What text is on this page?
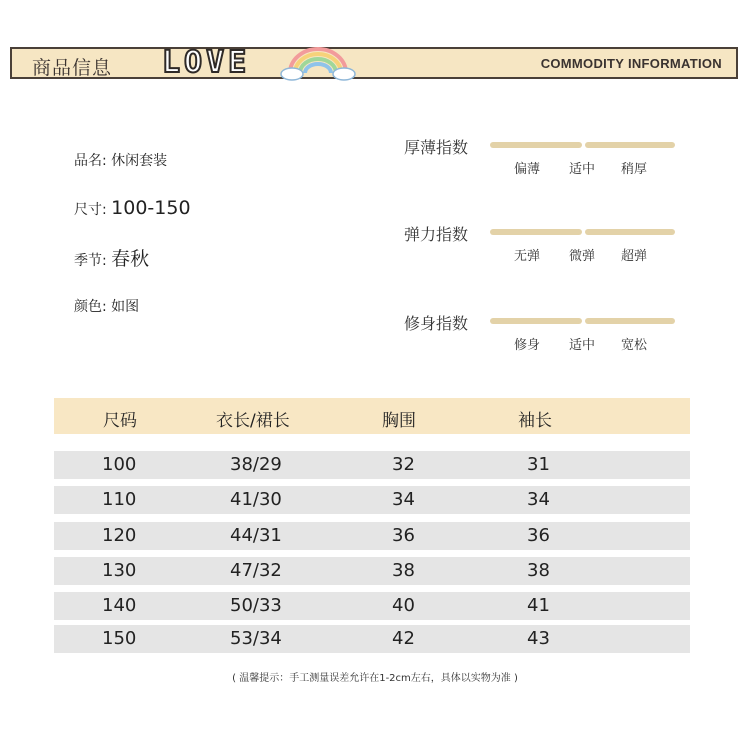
商品信息 LOVE	COMMODITY INFORMATION
品名: 休闲套装
尺寸: 100-150
季节: 春秋
颜色: 如图
厚薄指数
偏薄 适中 稍厚
弹力指数
无弹 微弹 超弹
修身指数
修身 适中 宽松
尺码	衣长/裙长	胸围	袖长
100	38/29	32	31
110	41/30	34	34
120	44/31	36	36
130	47/32	38	38
140	50/33	40	41
150	53/34	42	43
( 温馨提示：手工测量误差允许在1-2cm左右，具体以实物为准 )
